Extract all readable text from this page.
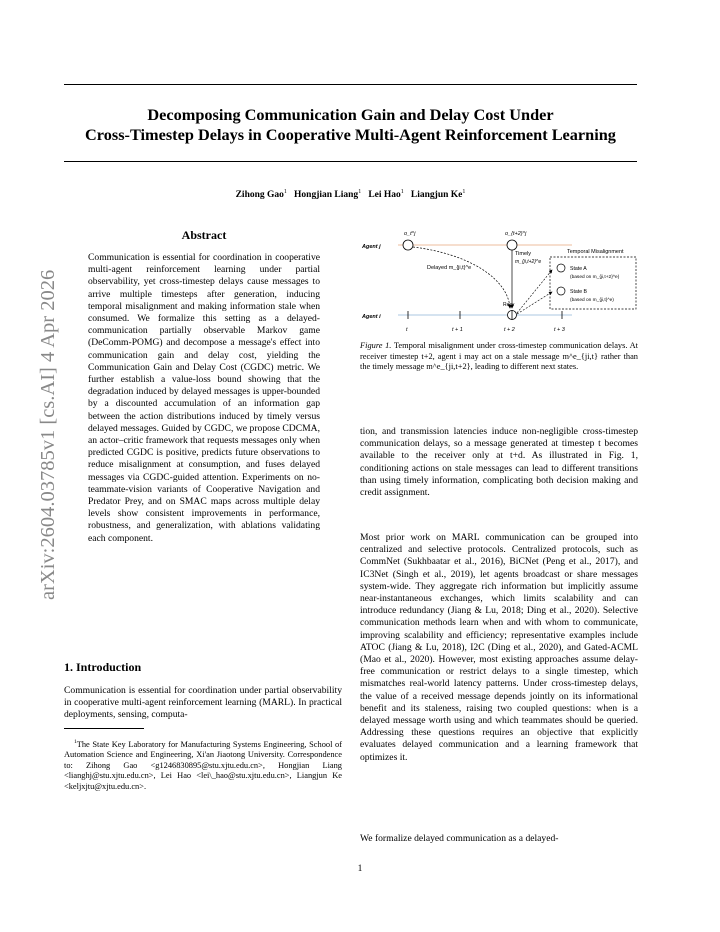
Decomposing Communication Gain and Delay Cost Under
Cross-Timestep Delays in Cooperative Multi-Agent Reinforcement Learning
Zihong Gao$^1$ Hongjian Liang$^1$ Lei Hao$^1$ Liangjun Ke$^1$
arXiv:2604.03785v1 [cs.AI] 4 Apr 2026
Abstract

Communication is essential for coordination in cooperative multi-agent reinforcement learning under partial observability, yet cross-timestep delays cause messages to arrive multiple timesteps after generation, inducing temporal misalignment and making information stale when consumed. We formalize this setting as a delayed-communication partially observable Markov game (DeComm-POMG) and decompose a message's effect into communication gain and delay cost, yielding the Communication Gain and Delay Cost (CGDC) metric. We further establish a value-loss bound showing that the degradation induced by delayed messages is upper-bounded by a discounted accumulation of an information gap between the action distributions induced by timely versus delayed messages. Guided by CGDC, we propose CDCMA, an actor–critic framework that requests messages only when predicted CGDC is positive, predicts future observations to reduce misalignment at consumption, and fuses delayed messages via CGDC-guided attention. Experiments on no-teammate-vision variants of Cooperative Navigation and Predator Prey, and on SMAC maps across multiple delay levels show consistent improvements in performance, robustness, and generalization, with ablations validating each component.

1. Introduction

Communication is essential for coordination under partial observability in cooperative multi-agent reinforcement learning (MARL). In practical deployments, sensing, computa-

$^1$The State Key Laboratory for Manufacturing Systems Engineering, School of Automation Science and Engineering, Xi'an Jiaotong University. Correspondence to: Zihong Gao <g1246830895@stu.xjtu.edu.cn>, Hongjian Liang <lianghj@stu.xjtu.edu.cn>, Lei Hao <lei\_hao@stu.xjtu.edu.cn>, Liangjun Ke <keljxjtu@xjtu.edu.cn>.

Agent j
o_t^j	o_{t+2}^j
Delayed m_{ji,t}^e
Timely
m_{ji,t+2}^e
Recv
Temporal Misalignment
State A
(based on m_{ji,t+2}^e)
State B
(based on m_{ji,t}^e)
Agent i
t	t + 1	t + 2	t + 3

Figure 1. Temporal misalignment under cross-timestep communication delays. At receiver timestep t+2, agent i may act on a stale message m^e_{ji,t} rather than the timely message m^e_{ji,t+2}, leading to different next states.

tion, and transmission latencies induce non-negligible cross-timestep communication delays, so a message generated at timestep t becomes available to the receiver only at t+d. As illustrated in Fig. 1, conditioning actions on stale messages can lead to different transitions than using timely information, complicating both decision making and credit assignment.

Most prior work on MARL communication can be grouped into centralized and selective protocols. Centralized protocols, such as CommNet (Sukhbaatar et al., 2016), BiCNet (Peng et al., 2017), and IC3Net (Singh et al., 2019), let agents broadcast or share messages system-wide. They aggregate rich information but implicitly assume near-instantaneous exchanges, which limits scalability and can introduce redundancy (Jiang & Lu, 2018; Ding et al., 2020). Selective communication methods learn when and with whom to communicate, improving scalability and efficiency; representative examples include ATOC (Jiang & Lu, 2018), I2C (Ding et al., 2020), and Gated-ACML (Mao et al., 2020). However, most existing approaches assume delay-free communication or restrict delays to a single timestep, which mismatches real-world latency patterns. Under cross-timestep delays, the value of a received message depends jointly on its informational benefit and its staleness, raising two coupled questions: when is a delayed message worth using and which teammates should be queried. Addressing these questions requires an objective that explicitly evaluates delayed communication and a learning framework that optimizes it.

We formalize delayed communication as a delayed-

1
